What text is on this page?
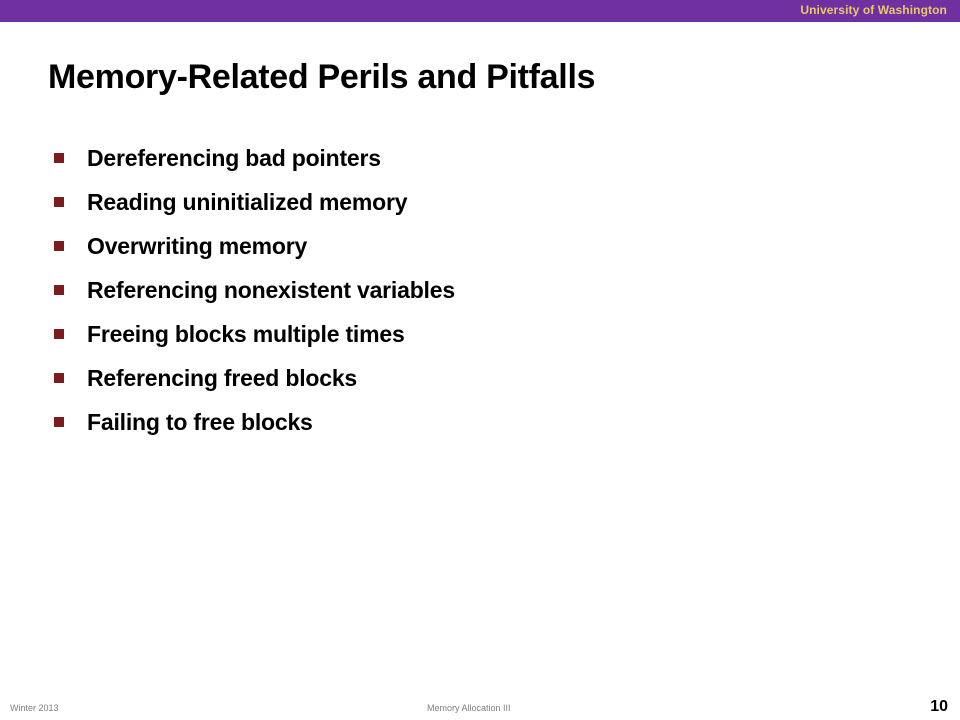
University of Washington
Memory-Related Perils and Pitfalls
Dereferencing bad pointers
Reading uninitialized memory
Overwriting memory
Referencing nonexistent variables
Freeing blocks multiple times
Referencing freed blocks
Failing to free blocks
Winter 2013	Memory Allocation III	10
